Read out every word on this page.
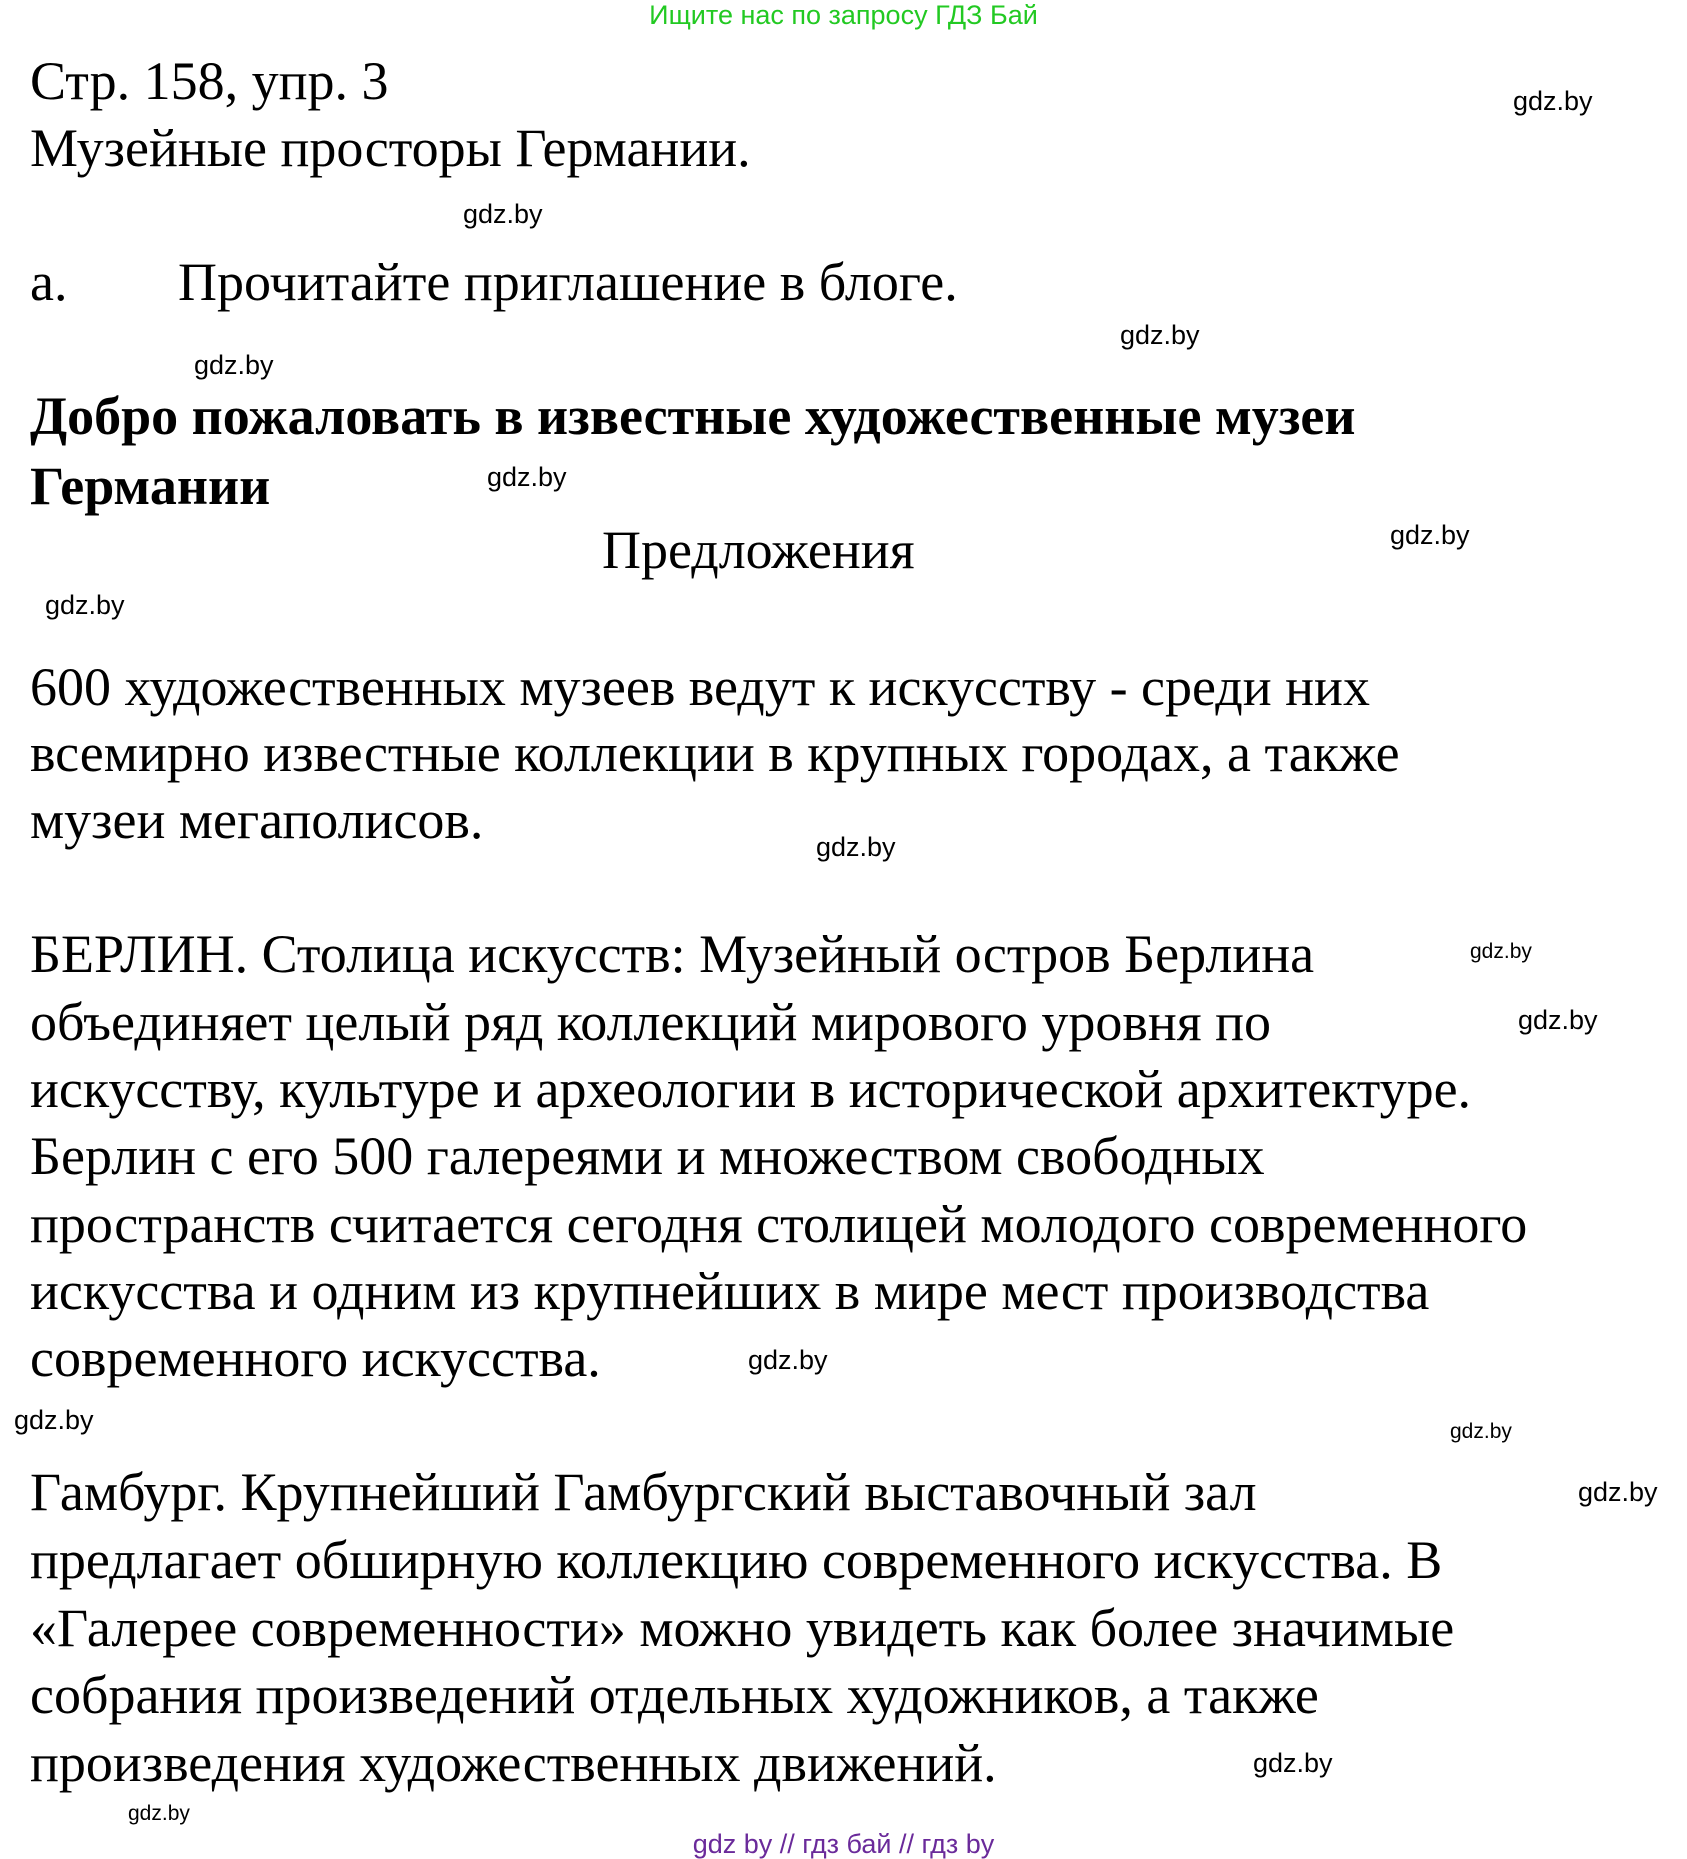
Ищите нас по запросу ГДЗ Бай
Стр. 158, упр. 3
Музейные просторы Германии.
а. Прочитайте приглашение в блоге.
Добро пожаловать в известные художественные музеи
Германии
Предложения
600 художественных музеев ведут к искусству - среди них
всемирно известные коллекции в крупных городах, а также
музеи мегаполисов.
БЕРЛИН. Столица искусств: Музейный остров Берлина
объединяет целый ряд коллекций мирового уровня по
искусству, культуре и археологии в исторической архитектуре.
Берлин с его 500 галереями и множеством свободных
пространств считается сегодня столицей молодого современного
искусства и одним из крупнейших в мире мест производства
современного искусства.
Гамбург. Крупнейший Гамбургский выставочный зал
предлагает обширную коллекцию современного искусства. В
«Галерее современности» можно увидеть как более значимые
собрания произведений отдельных художников, а также
произведения художественных движений.
gdz.by
gdz.by
gdz.by
gdz.by
gdz.by
gdz.by
gdz.by
gdz.by
gdz.by
gdz.by
gdz.by
gdz.by
gdz.by
gdz.by
gdz.by
gdz.by
gdz by // гдз бай // гдз by
